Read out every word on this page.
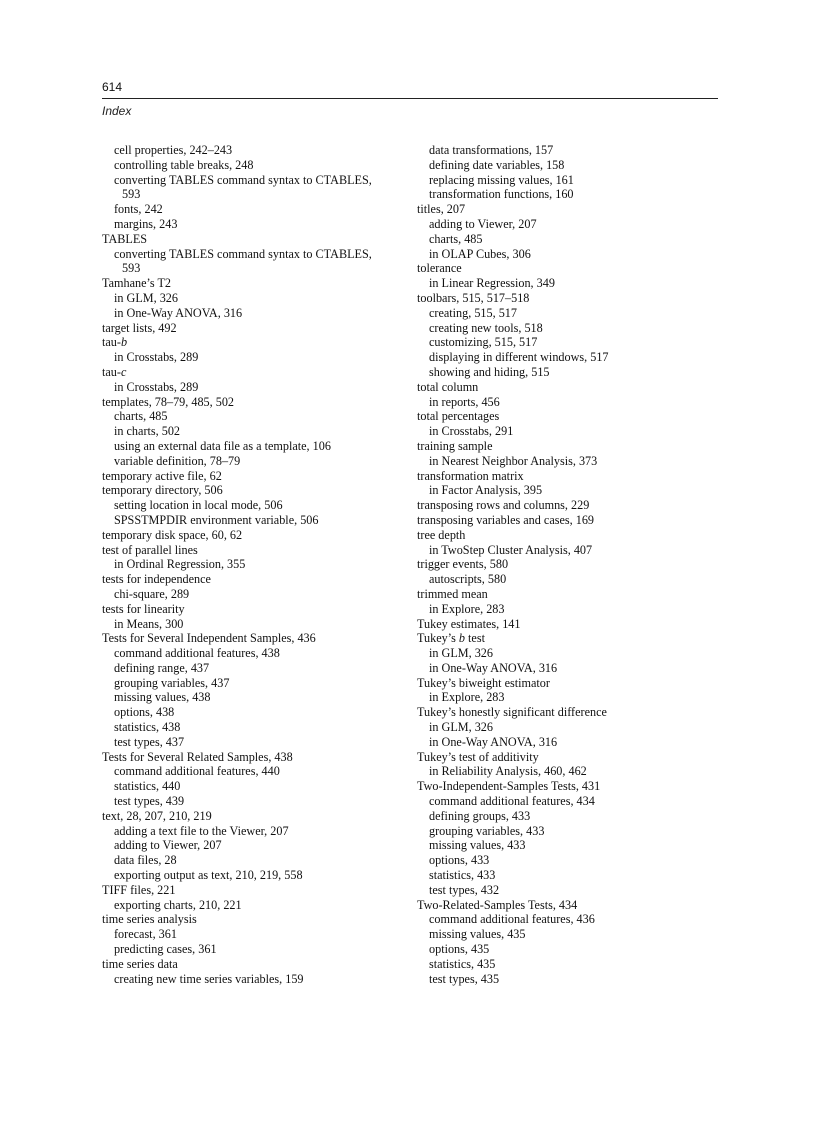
614
Index
cell properties, 242–243
controlling table breaks, 248
converting TABLES command syntax to CTABLES,
593
fonts, 242
margins, 243
TABLES
converting TABLES command syntax to CTABLES,
593
Tamhane’s T2
in GLM, 326
in One-Way ANOVA, 316
target lists, 492
tau-b
in Crosstabs, 289
tau-c
in Crosstabs, 289
templates, 78–79, 485, 502
charts, 485
in charts, 502
using an external data file as a template, 106
variable definition, 78–79
temporary active file, 62
temporary directory, 506
setting location in local mode, 506
SPSSTMPDIR environment variable, 506
temporary disk space, 60, 62
test of parallel lines
in Ordinal Regression, 355
tests for independence
chi-square, 289
tests for linearity
in Means, 300
Tests for Several Independent Samples, 436
command additional features, 438
defining range, 437
grouping variables, 437
missing values, 438
options, 438
statistics, 438
test types, 437
Tests for Several Related Samples, 438
command additional features, 440
statistics, 440
test types, 439
text, 28, 207, 210, 219
adding a text file to the Viewer, 207
adding to Viewer, 207
data files, 28
exporting output as text, 210, 219, 558
TIFF files, 221
exporting charts, 210, 221
time series analysis
forecast, 361
predicting cases, 361
time series data
creating new time series variables, 159
data transformations, 157
defining date variables, 158
replacing missing values, 161
transformation functions, 160
titles, 207
adding to Viewer, 207
charts, 485
in OLAP Cubes, 306
tolerance
in Linear Regression, 349
toolbars, 515, 517–518
creating, 515, 517
creating new tools, 518
customizing, 515, 517
displaying in different windows, 517
showing and hiding, 515
total column
in reports, 456
total percentages
in Crosstabs, 291
training sample
in Nearest Neighbor Analysis, 373
transformation matrix
in Factor Analysis, 395
transposing rows and columns, 229
transposing variables and cases, 169
tree depth
in TwoStep Cluster Analysis, 407
trigger events, 580
autoscripts, 580
trimmed mean
in Explore, 283
Tukey estimates, 141
Tukey’s b test
in GLM, 326
in One-Way ANOVA, 316
Tukey’s biweight estimator
in Explore, 283
Tukey’s honestly significant difference
in GLM, 326
in One-Way ANOVA, 316
Tukey’s test of additivity
in Reliability Analysis, 460, 462
Two-Independent-Samples Tests, 431
command additional features, 434
defining groups, 433
grouping variables, 433
missing values, 433
options, 433
statistics, 433
test types, 432
Two-Related-Samples Tests, 434
command additional features, 436
missing values, 435
options, 435
statistics, 435
test types, 435
